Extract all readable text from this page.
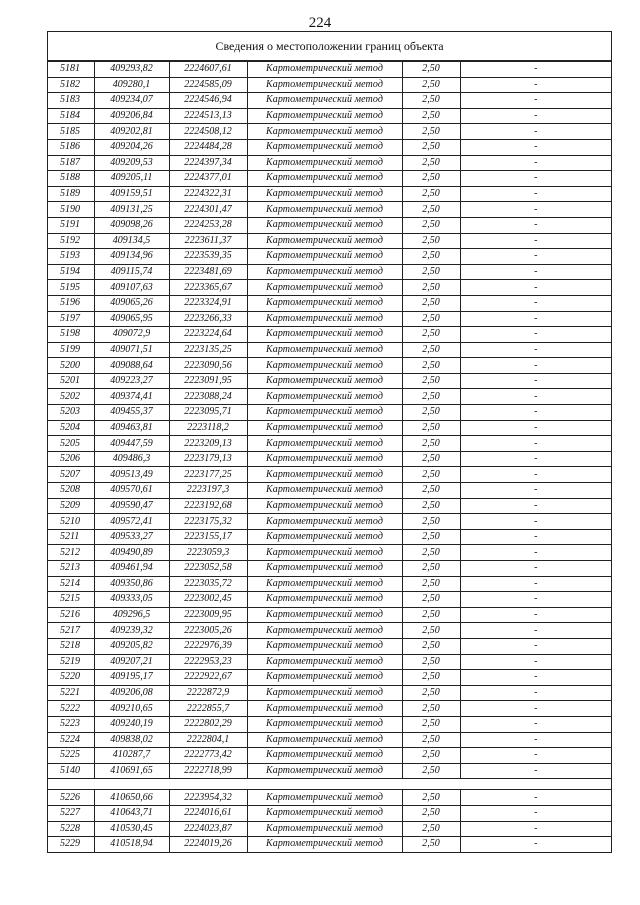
224
Сведения о местоположении границ объекта
5181	409293,82	2224607,61	Картометрический метод	2,50	-
5182	409280,1	2224585,09	Картометрический метод	2,50	-
5183	409234,07	2224546,94	Картометрический метод	2,50	-
5184	409206,84	2224513,13	Картометрический метод	2,50	-
5185	409202,81	2224508,12	Картометрический метод	2,50	-
5186	409204,26	2224484,28	Картометрический метод	2,50	-
5187	409209,53	2224397,34	Картометрический метод	2,50	-
5188	409205,11	2224377,01	Картометрический метод	2,50	-
5189	409159,51	2224322,31	Картометрический метод	2,50	-
5190	409131,25	2224301,47	Картометрический метод	2,50	-
5191	409098,26	2224253,28	Картометрический метод	2,50	-
5192	409134,5	2223611,37	Картометрический метод	2,50	-
5193	409134,96	2223539,35	Картометрический метод	2,50	-
5194	409115,74	2223481,69	Картометрический метод	2,50	-
5195	409107,63	2223365,67	Картометрический метод	2,50	-
5196	409065,26	2223324,91	Картометрический метод	2,50	-
5197	409065,95	2223266,33	Картометрический метод	2,50	-
5198	409072,9	2223224,64	Картометрический метод	2,50	-
5199	409071,51	2223135,25	Картометрический метод	2,50	-
5200	409088,64	2223090,56	Картометрический метод	2,50	-
5201	409223,27	2223091,95	Картометрический метод	2,50	-
5202	409374,41	2223088,24	Картометрический метод	2,50	-
5203	409455,37	2223095,71	Картометрический метод	2,50	-
5204	409463,81	2223118,2	Картометрический метод	2,50	-
5205	409447,59	2223209,13	Картометрический метод	2,50	-
5206	409486,3	2223179,13	Картометрический метод	2,50	-
5207	409513,49	2223177,25	Картометрический метод	2,50	-
5208	409570,61	2223197,3	Картометрический метод	2,50	-
5209	409590,47	2223192,68	Картометрический метод	2,50	-
5210	409572,41	2223175,32	Картометрический метод	2,50	-
5211	409533,27	2223155,17	Картометрический метод	2,50	-
5212	409490,89	2223059,3	Картометрический метод	2,50	-
5213	409461,94	2223052,58	Картометрический метод	2,50	-
5214	409350,86	2223035,72	Картометрический метод	2,50	-
5215	409333,05	2223002,45	Картометрический метод	2,50	-
5216	409296,5	2223009,95	Картометрический метод	2,50	-
5217	409239,32	2223005,26	Картометрический метод	2,50	-
5218	409205,82	2222976,39	Картометрический метод	2,50	-
5219	409207,21	2222953,23	Картометрический метод	2,50	-
5220	409195,17	2222922,67	Картометрический метод	2,50	-
5221	409206,08	2222872,9	Картометрический метод	2,50	-
5222	409210,65	2222855,7	Картометрический метод	2,50	-
5223	409240,19	2222802,29	Картометрический метод	2,50	-
5224	409838,02	2222804,1	Картометрический метод	2,50	-
5225	410287,7	2222773,42	Картометрический метод	2,50	-
5140	410691,65	2222718,99	Картометрический метод	2,50	-

5226	410650,66	2223954,32	Картометрический метод	2,50	-
5227	410643,71	2224016,61	Картометрический метод	2,50	-
5228	410530,45	2224023,87	Картометрический метод	2,50	-
5229	410518,94	2224019,26	Картометрический метод	2,50	-
